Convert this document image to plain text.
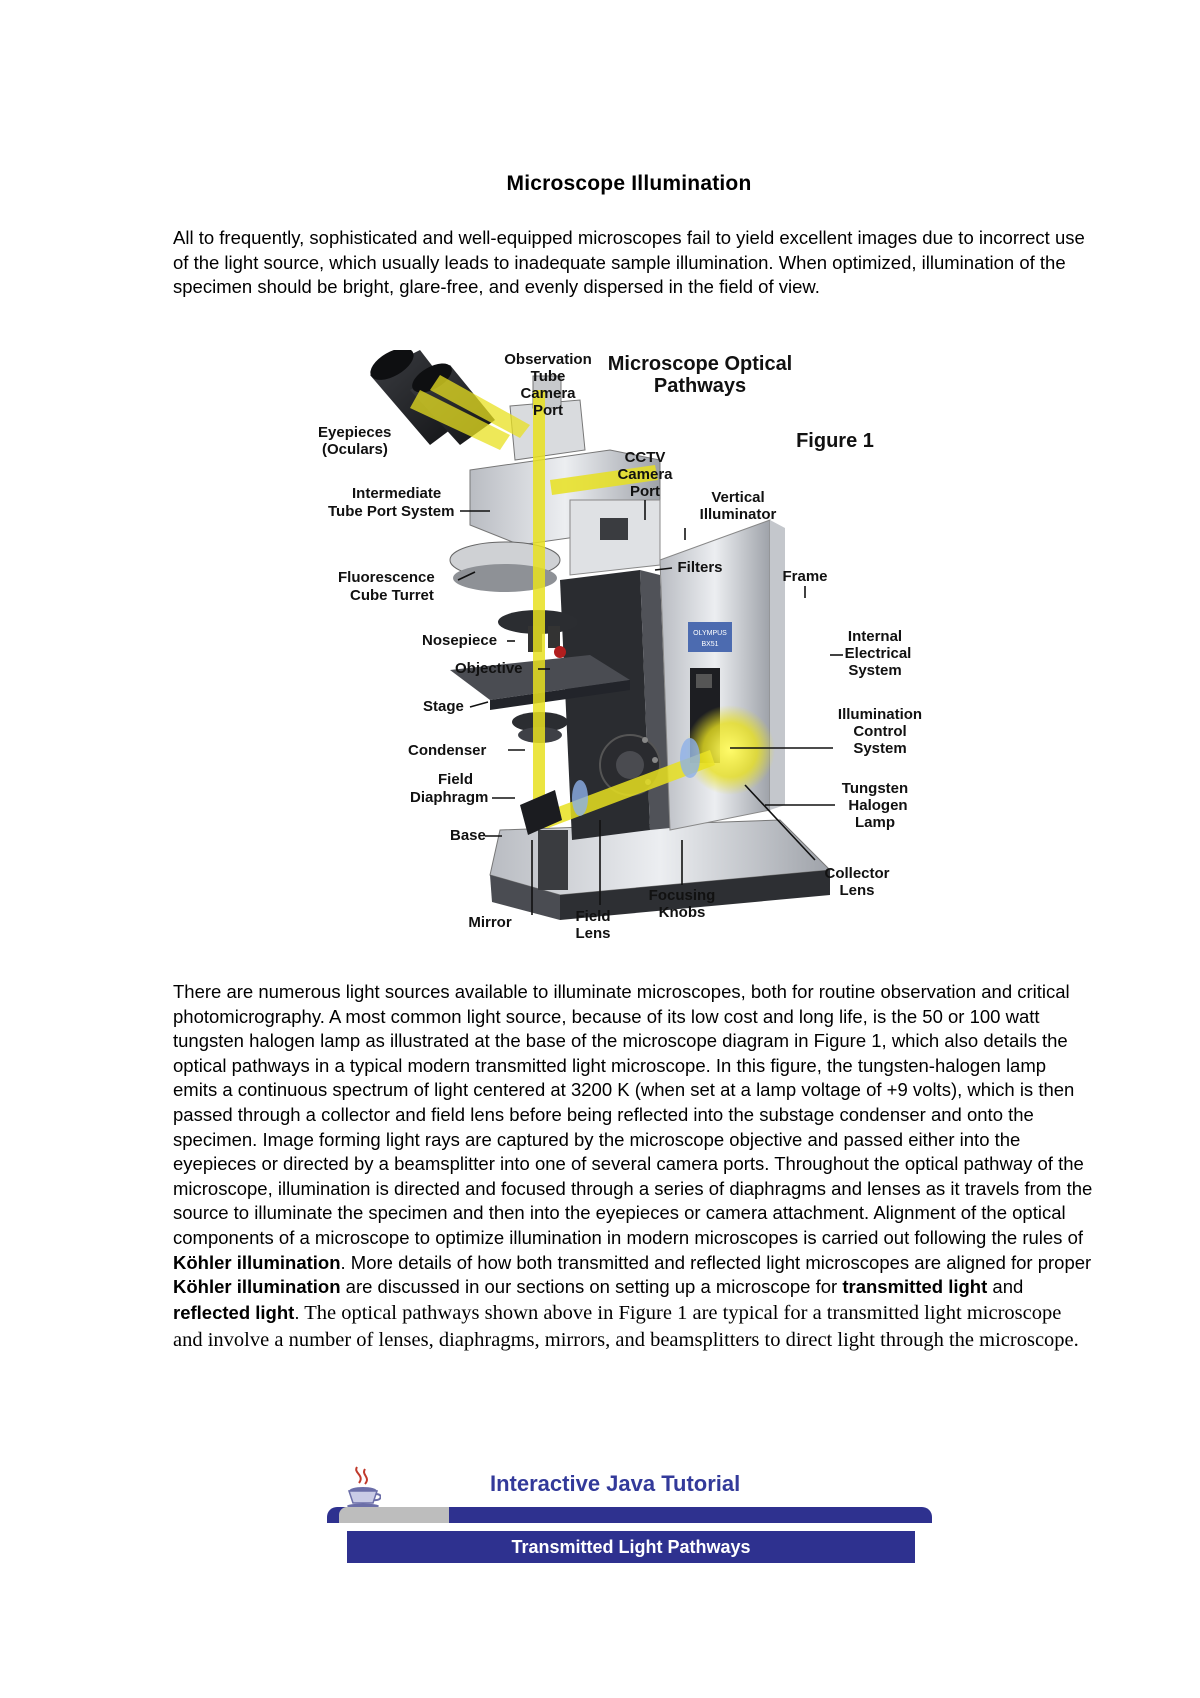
Microscope Illumination
All to frequently, sophisticated and well-equipped microscopes fail to yield excellent images due to incorrect use of the light source, which usually leads to inadequate sample illumination. When optimized, illumination of the specimen should be bright, glare-free, and evenly dispersed in the field of view.
OLYMPUS
BX51
Microscope Optical
Pathways
Figure 1
Observation
Tube
Camera
Port
Eyepieces
(Oculars)
Intermediate
Tube Port System
CCTV
Camera
Port	Vertical
Illuminator
Filters
Frame
Fluorescence
Cube Turret
Nosepiece	Internal
Electrical
System
Objective
Stage	Illumination
Control
System
Condenser
Field
Diaphragm
Tungsten
Halogen
Lamp
Base
Collector
Lens
Focusing
Knobs
Mirror	Field
Lens
There are numerous light sources available to illuminate microscopes, both for routine observation and critical photomicrography. A most common light source, because of its low cost and long life, is the 50 or 100 watt tungsten halogen lamp as illustrated at the base of the microscope diagram in Figure 1, which also details the optical pathways in a typical modern transmitted light microscope. In this figure, the tungsten-halogen lamp emits a continuous spectrum of light centered at 3200 K (when set at a lamp voltage of +9 volts), which is then passed through a collector and field lens before being reflected into the substage condenser and onto the specimen. Image forming light rays are captured by the microscope objective and passed either into the eyepieces or directed by a beamsplitter into one of several camera ports. Throughout the optical pathway of the microscope, illumination is directed and focused through a series of diaphragms and lenses as it travels from the source to illuminate the specimen and then into the eyepieces or camera attachment. Alignment of the optical components of a microscope to optimize illumination in modern microscopes is carried out following the rules of Köhler illumination. More details of how both transmitted and reflected light microscopes are aligned for proper Köhler illumination are discussed in our sections on setting up a microscope for transmitted light and reflected light. The optical pathways shown above in Figure 1 are typical for a transmitted light microscope and involve a number of lenses, diaphragms, mirrors, and beamsplitters to direct light through the microscope.
Interactive Java Tutorial
Transmitted Light Pathways
